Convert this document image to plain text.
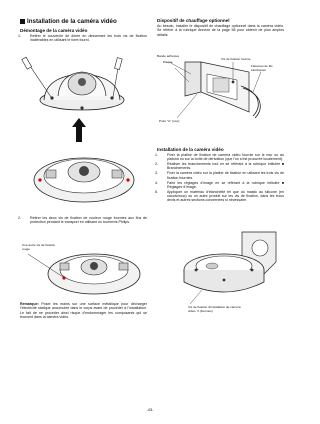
Installation de la caméra vidéo
Démontage de la caméra vidéo
1.	Retirer le couvercle de dôme en desserrant les trois vis de fixation inaltérables en utilisant le foret fourni.
2.	Retirer les deux vis de fixation de couleur rouge fournies aux fins de protection pendant le transport en utilisant un tournevis Philips.
Une autre vis de fixation rouge
Remarque: Poser les mains sur une surface métallique pour décharger l’électricité statique accumulée dans le corps avant de procéder à l’installation. Le fait de ne procéder ainsi risque d’endommager les composants qui se trouvent dans la caméra vidéo.
Dispositif de chauffage optionnel
Au besoin, installer le dispositif de chauffage optionnel dans la caméra vidéo. Se référer à la rubrique Annexe de la page 58 pour obtenir de plus amples détails.
Bande adhésive
Plaque
Vis de fixation fournie
Faisceau de fils électriques
Point "A" (mur)
Installation de la caméra vidéo
1.	Fixer la platine de fixation de caméra vidéo fournie sur le mur ou au plafond ou sur la boîte de dérivation (que l’on s’est procurée localement).
2.	Réaliser les branchements tout en se référant à la rubrique intitulée ■ Branchements.
3.	Fixer la caméra vidéo sur la platine de fixation en utilisant les trois vis de fixation fournies.
4.	Faire les réglages d’image en se référant à la rubrique intitulée ■ Réglages d’image.
5.	Appliquer un matériau d’étanchéité tel que du mastic au silicone (en caoutchouc) ou un autre produit sur les vis de fixation, dans les trous devis et autres sections concernées si nécessaire.
Vis de fixation d’installation de caméra vidéo: 3 (fournies)
-43-
